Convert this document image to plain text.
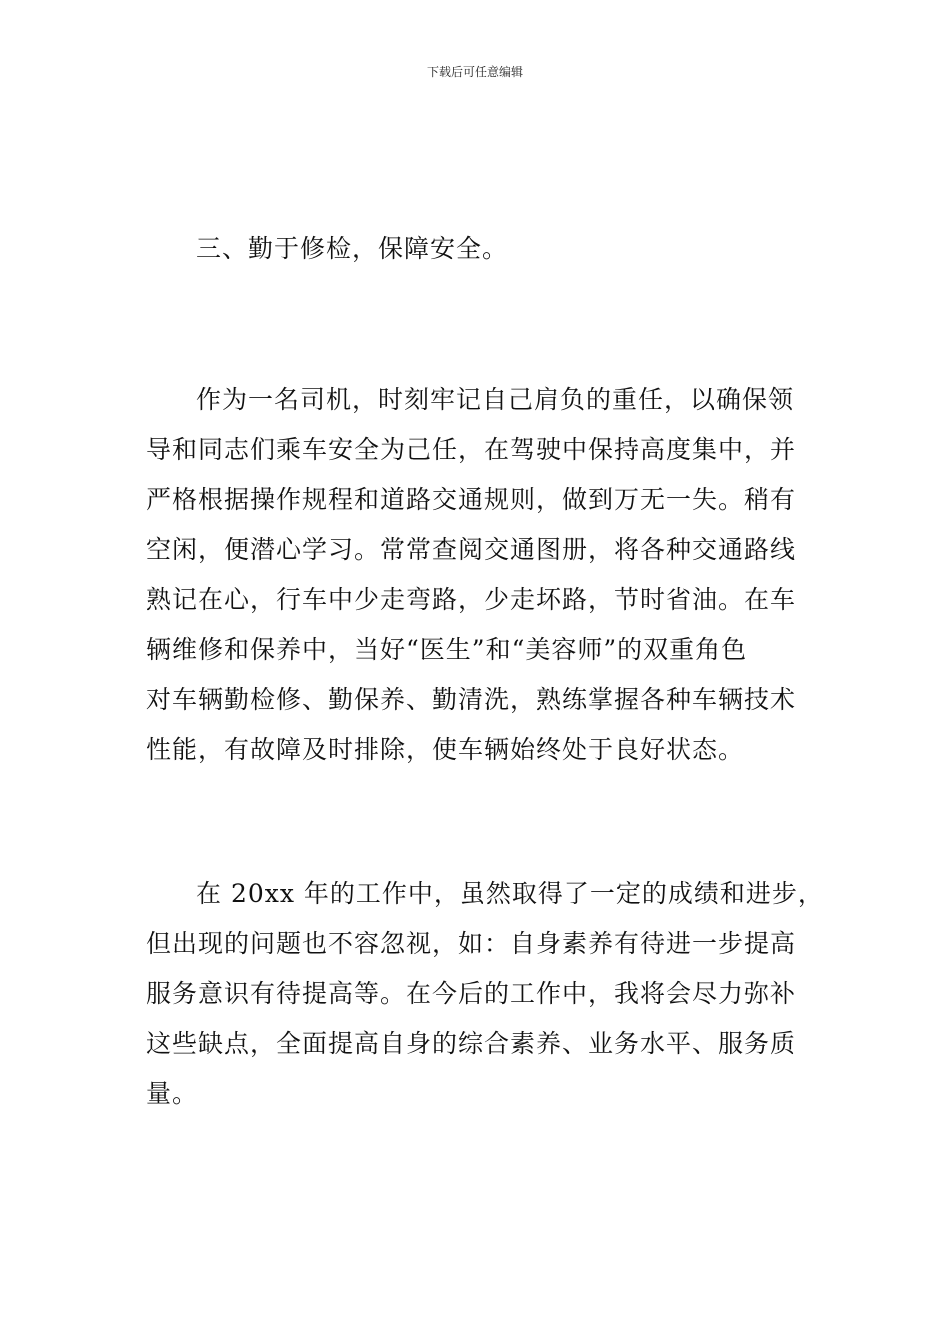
下载后可任意编辑
三、勤于修检，保障安全。
作为一名司机，时刻牢记自己肩负的重任，以确保领
导和同志们乘车安全为己任，在驾驶中保持高度集中，并
严格根据操作规程和道路交通规则，做到万无一失。稍有
空闲，便潜心学习。常常查阅交通图册，将各种交通路线
熟记在心，行车中少走弯路，少走坏路，节时省油。在车
辆维修和保养中，当好“医生”和“美容师”的双重角色
对车辆勤检修、勤保养、勤清洗，熟练掌握各种车辆技术
性能，有故障及时排除，使车辆始终处于良好状态。
在 20xx 年的工作中，虽然取得了一定的成绩和进步，
但出现的问题也不容忽视，如：自身素养有待进一步提高
服务意识有待提高等。在今后的工作中，我将会尽力弥补
这些缺点，全面提高自身的综合素养、业务水平、服务质
量。
